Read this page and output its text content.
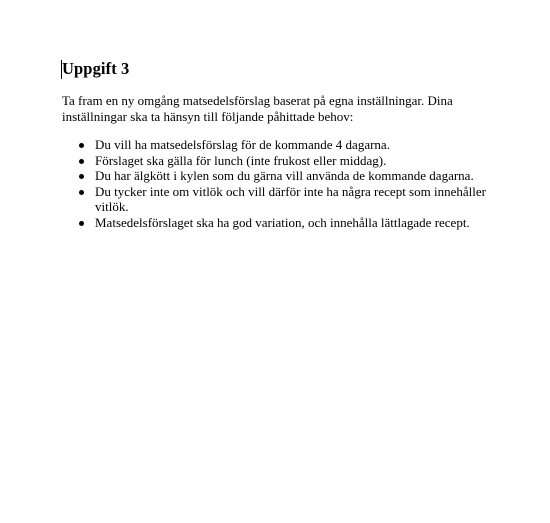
Uppgift 3

Ta fram en ny omgång matsedelsförslag baserat på egna inställningar. Dina inställningar ska ta hänsyn till följande påhittade behov:

Du vill ha matsedelsförslag för de kommande 4 dagarna.
Förslaget ska gälla för lunch (inte frukost eller middag).
Du har älgkött i kylen som du gärna vill använda de kommande dagarna.
Du tycker inte om vitlök och vill därför inte ha några recept som innehåller vitlök.
Matsedelsförslaget ska ha god variation, och innehålla lättlagade recept.
